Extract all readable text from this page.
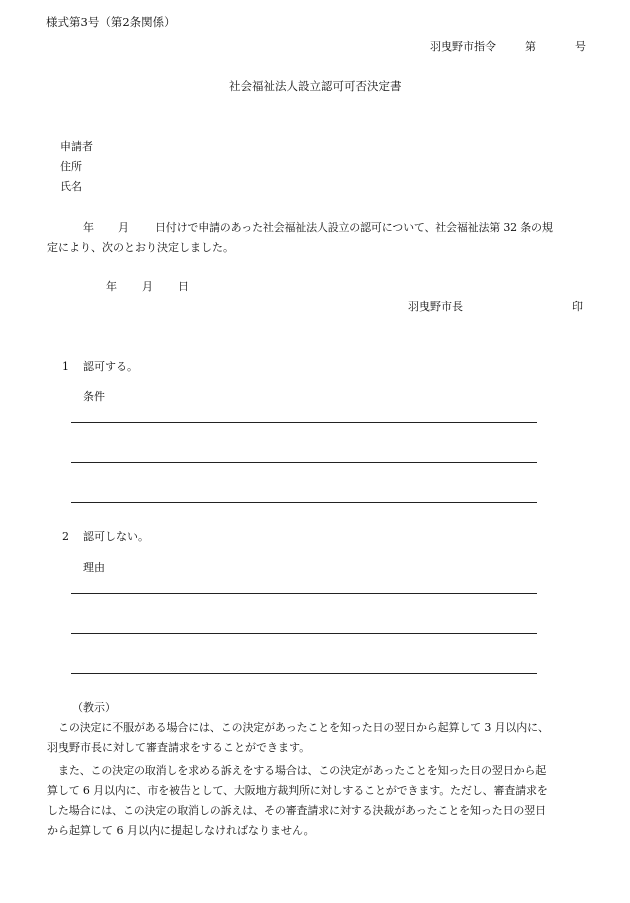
様式第3号（第2条関係）
羽曳野市指令	第	号
社会福祉法人設立認可可否決定書
申請者
住所
氏名
年 月 日付けで申請のあった社会福祉法人設立の認可について、社会福祉法第 32 条の規
定により、次のとおり決定しました。
年 月 日
羽曳野市長	印
1 認可する。
条件
2 認可しない。
理由
（教示）
この決定に不服がある場合には、この決定があったことを知った日の翌日から起算して 3 月以内に、
羽曳野市長に対して審査請求をすることができます。
また、この決定の取消しを求める訴えをする場合は、この決定があったことを知った日の翌日から起
算して 6 月以内に、市を被告として、大阪地方裁判所に対しすることができます。ただし、審査請求を
した場合には、この決定の取消しの訴えは、その審査請求に対する決裁があったことを知った日の翌日
から起算して 6 月以内に提起しなければなりません。
